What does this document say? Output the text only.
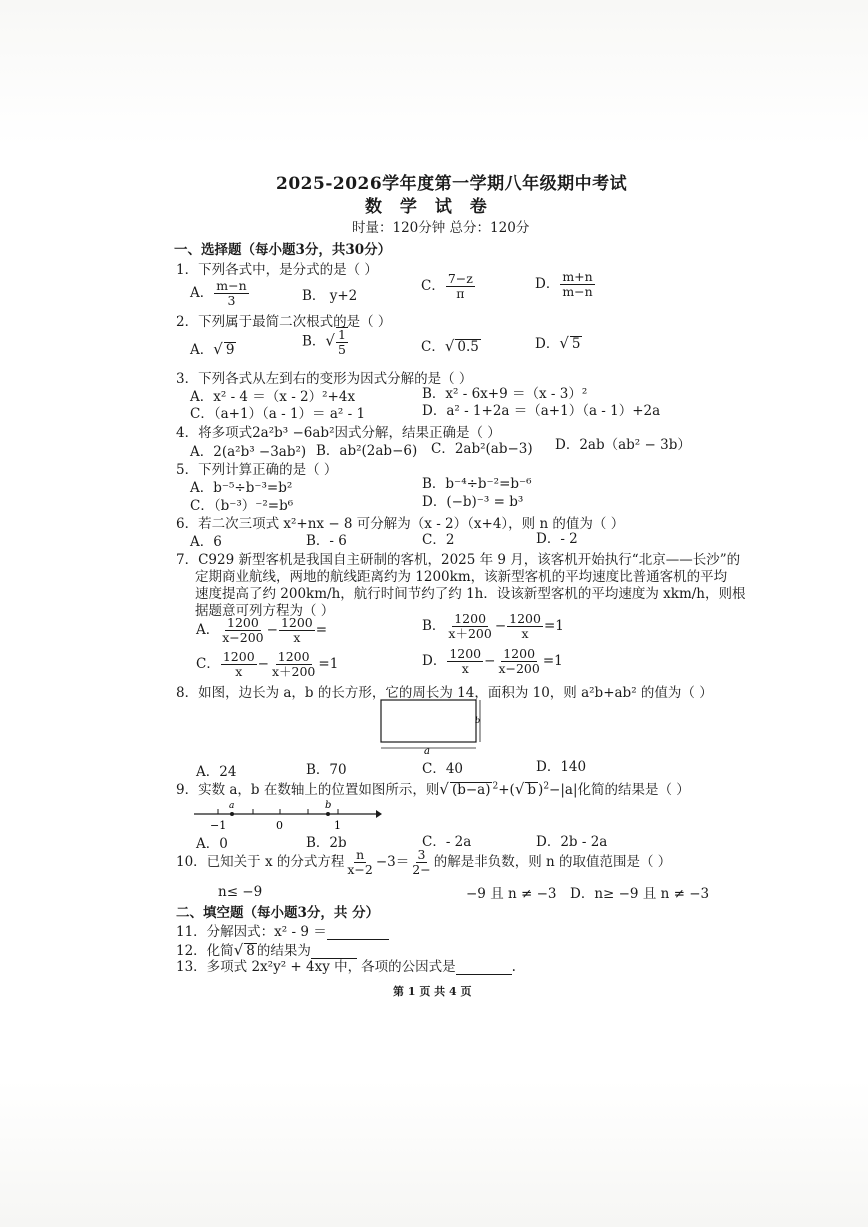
2025-2026学年度第一学期八年级期中考试
数 学 试 卷
时量：120分钟 总分：120分
一、选择题（每小题3分，共30分）
1．下列各式中，是分式的是（ ）
A． $\frac{m-n}{3}$	B． y+2
C． $\frac{7-z}{\pi}$	D． $\frac{m+n}{m-n}$
2．下列属于最简二次根式的是（ ）
A．√ 9
B．√ $\frac{1}{5}$	C．√ 0.5	D．√ 5
3．下列各式从左到右的变形为因式分解的是（ ）
A．x² - 4 ＝（x - 2）²+4x	B．x² - 6x+9 ＝（x - 3）²
C．（a+1）（a - 1）＝ a² - 1	D．a² - 1+2a ＝（a+1）（a - 1）+2a
4．将多项式2a²b³ −6ab²因式分解，结果正确是（ ）
A．2(a²b³ −3ab²) B．ab²(2ab−6) C．2ab²(ab−3) D．2ab（ab² − 3b）
5．下列计算正确的是（ ）
A．b⁻⁵÷b⁻³=b²	B．b⁻⁴÷b⁻²=b⁻⁶
C．（b⁻³）⁻²=b⁶	D．(−b)⁻³ = b³
6．若二次三项式 x²+nx − 8 可分解为（x - 2）（x+4），则 n 的值为（ ）
A．6	B．- 6	C．2	D．- 2
7．C929 新型客机是我国自主研制的客机，2025 年 9 月，该客机开始执行“北京——长沙”的
定期商业航线，两地的航线距离约为 1200km，该新型客机的平均速度比普通客机的平均
速度提高了约 200km/h，航行时间节约了约 1h．设该新型客机的平均速度为 xkm/h，则根
据题意可列方程为（ ）
A． $\frac{1200}{x-200} - \frac{1200}{x}$ =	B． $\frac{1200}{x+200} - \frac{1200}{x} =1$
C． $\frac{1200}{x} - \frac{1200}{x+200} =1$	D． $\frac{1200}{x} - \frac{1200}{x-200} =1$
8．如图，边长为 a，b 的长方形，它的周长为 14，面积为 10，则 a²b+ab² 的值为（ ）
a
b
A．24	B．70	C．40	D．140
9．实数 a，b 在数轴上的位置如图所示，则√ (b−a) $^2$+(√ b )$^2$−|a|化简的结果是（ ）
a	b
−1	0	1
A．0	B．2b	C．- 2a	D．2b - 2a
10．已知关于 x 的分式方程 $\frac{n}{x-2} -3= \frac{3}{2-}$ 的解是非负数，则 n 的取值范围是（ ）
n≤ −9	−9 且 n ≠ −3 D．n≥ −9 且 n ≠ −3
二、填空题（每小题3分，共 分）
11．分解因式：x² - 9 ＝
12．化简√ 8 的结果为
13．多项式 2x²y² + 4xy 中，各项的公因式是	.
第 1 页 共 4 页
